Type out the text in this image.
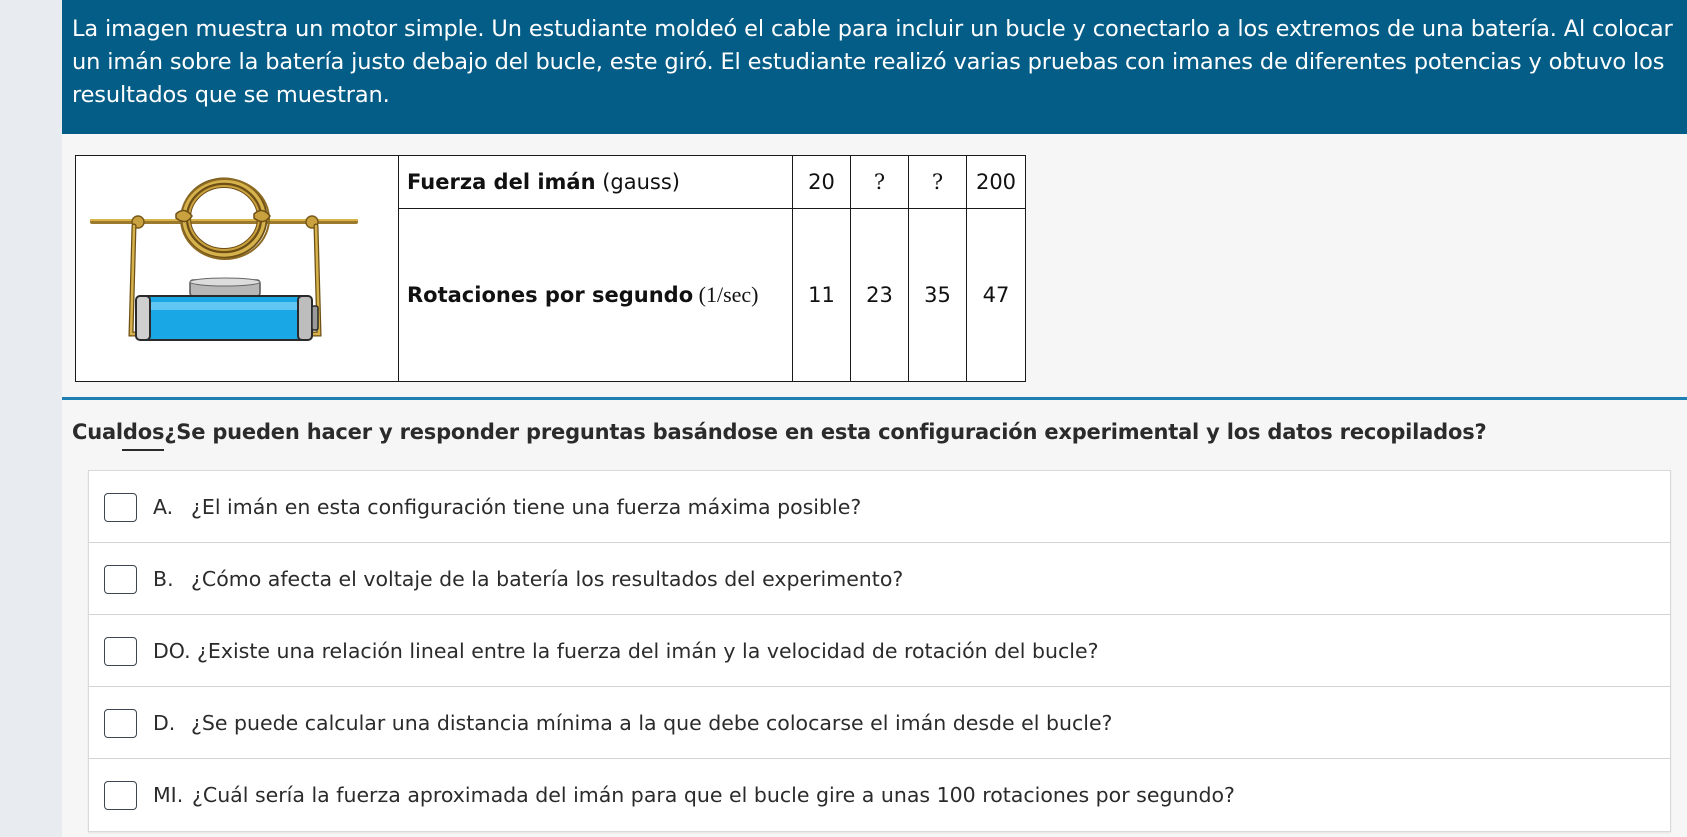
La imagen muestra un motor simple. Un estudiante moldeó el cable para incluir un bucle y conectarlo a los extremos de una batería. Al colocar un imán sobre la batería justo debajo del bucle, este giró. El estudiante realizó varias pruebas con imanes de diferentes potencias y obtuvo los resultados que se muestran.
	Fuerza del imán (gauss)	20	?	?	200
	Rotaciones por segundo (1/sec)	11	23	35	47
Cualdos¿Se pueden hacer y responder preguntas basándose en esta configuración experimental y los datos recopilados?
A. ¿El imán en esta configuración tiene una fuerza máxima posible?
B. ¿Cómo afecta el voltaje de la batería los resultados del experimento?
DO. ¿Existe una relación lineal entre la fuerza del imán y la velocidad de rotación del bucle?
D. ¿Se puede calcular una distancia mínima a la que debe colocarse el imán desde el bucle?
MI. ¿Cuál sería la fuerza aproximada del imán para que el bucle gire a unas 100 rotaciones por segundo?
